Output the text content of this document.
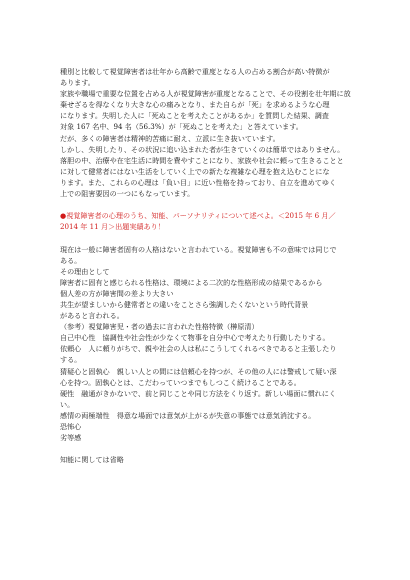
種別と比較して視覚障害者は壮年から高齢で重度となる人の占める割合が高い特徴が
あります。
家族や職場で重要な位置を占める人が視覚障害が重度となることで、その役割を壮年期に放
棄せざるを得なくなり大きな心の痛みとなり、また自らが「死」を求めるような心理
になります。失明した人に「死ぬことを考えたことがあるか」を質問した結果、調査
対象 167 名中、94 名（56.3%）が「死ぬことを考えた」と答えています。
だが、多くの障害者は精神的苦痛に耐え、立派に生き抜いています。
しかし、失明したり、その状況に追い込まれた者が生きていくのは簡単ではありません。
落胆の中、治療や在宅生活に時間を費やすことになり、家族や社会に頼って生きることと
に対して健常者にはない生活をしていく上での新たな複雑な心理を抱え込むことにな
ります。また、これらの心理は「負い目」に近い性格を持っており、自立を進めてゆく
上での阻害要因の一つにもなっています。
●視覚障害者の心理のうち、知能、パーソナリティについて述べよ。＜2015 年 6 月／
2014 年 11 月＞出題実績あり！
現在は一般に障害者固有の人格はないと言われている。視覚障害も不の意味では同じで
ある。
その理由として
障害者に固有と感じられる性格は、環境による二次的な性格形成の結果であるから
個人差の方が障害間の差より大きい
共生が望ましいから健常者との違いをことさら強調したくないという時代背景
があると言われる。
（参考）視覚障害児・者の過去に言われた性格特徴（榊原清）
自己中心性　協調性や社会性が少なくて物事を自分中心で考えたり行動したりする。
依頼心　人に頼りがちで、親や社会の人は私にこうしてくれるべきであると主張したり
する。
猜疑心と固執心　親しい人との間には信頼心を持つが、その他の人には警戒して疑い深
心を持つ。固執心とは、こだわっていつまでもしつこく続けることである。
硬性　融通がきかないで、前と同じことや同じ方法をくり返す。新しい場面に慣れにく
い。
感情の両極端性　得意な場面では意気が上がるが失意の事態では意気消沈する。
恐怖心
劣等感
知能に関しては省略
